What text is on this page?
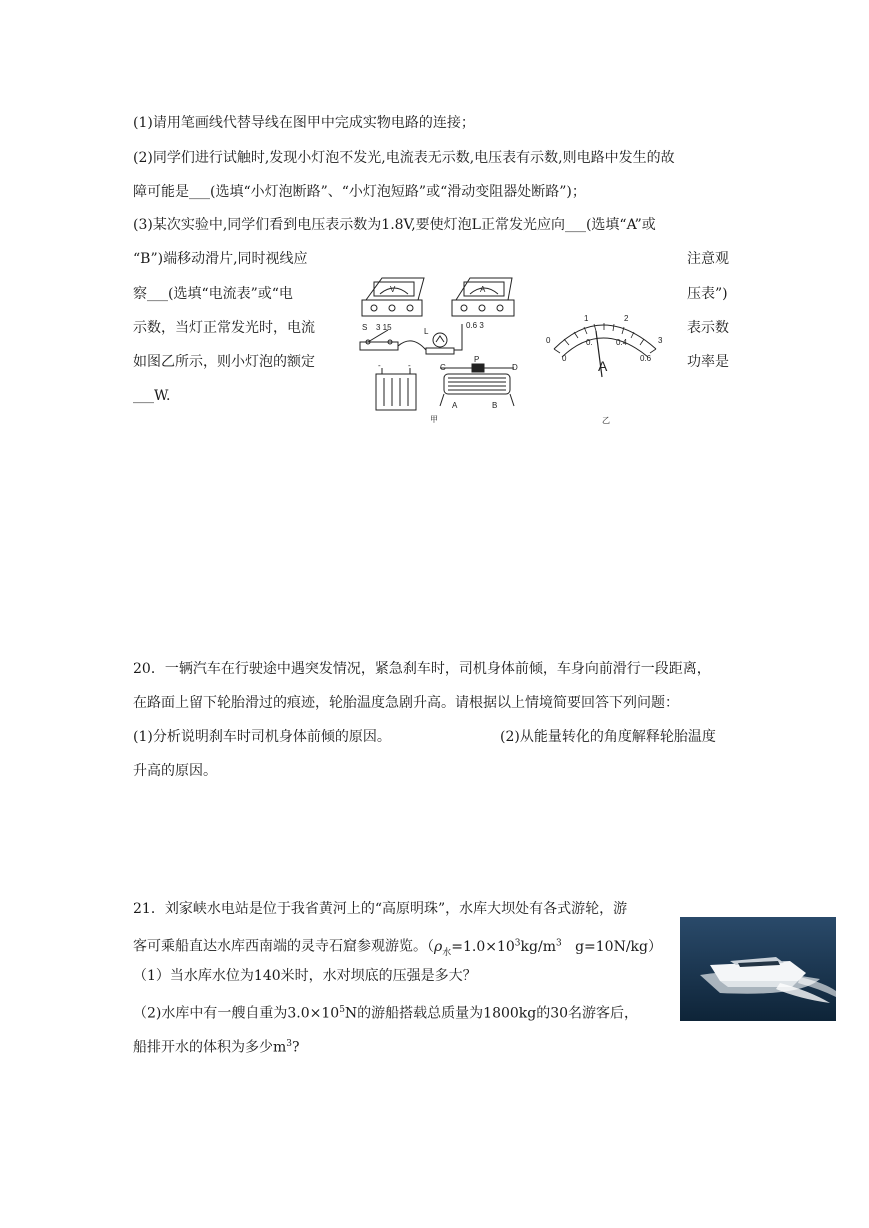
(1)请用笔画线代替导线在图甲中完成实物电路的连接；
(2)同学们进行试触时,发现小灯泡不发光,电流表无示数,电压表有示数,则电路中发生的故
障可能是___(选填“小灯泡断路”、“小灯泡短路”或“滑动变阻器处断路”)；
(3)某次实验中,同学们看到电压表示数为1.8V,要使灯泡L正常发光应向___(选填“A”或
“B”)端移动滑片,同时视线应	注意观
察___(选填“电流表”或“电	压表”)
示数，当灯正常发光时，电流	表示数
如图乙所示，则小灯泡的额定	功率是
___W.
3 15	0.6 3
V	A
S	L
P
C	D
A	B
-	-
甲
0
1	2
3
0
0.	0.4
0.6
A
乙
20．一辆汽车在行驶途中遇突发情况，紧急刹车时，司机身体前倾，车身向前滑行一段距离，
在路面上留下轮胎滑过的痕迹，轮胎温度急剧升高。请根据以上情境简要回答下列问题：
(1)分析说明刹车时司机身体前倾的原因。	(2)从能量转化的角度解释轮胎温度
升高的原因。
21．刘家峡水电站是位于我省黄河上的“高原明珠”，水库大坝处有各式游轮，游
客可乘船直达水库西南端的灵寺石窟参观游览。（$\rho_水=1.0\times 10^3kg/m^3$ g=10N/kg）
（1）当水库水位为140米时，水对坝底的压强是多大？
（2)水库中有一艘自重为$3.0\times 10^5N$的游船搭载总质量为1800kg的30名游客后，
船排开水的体积为多少$m^3$?
